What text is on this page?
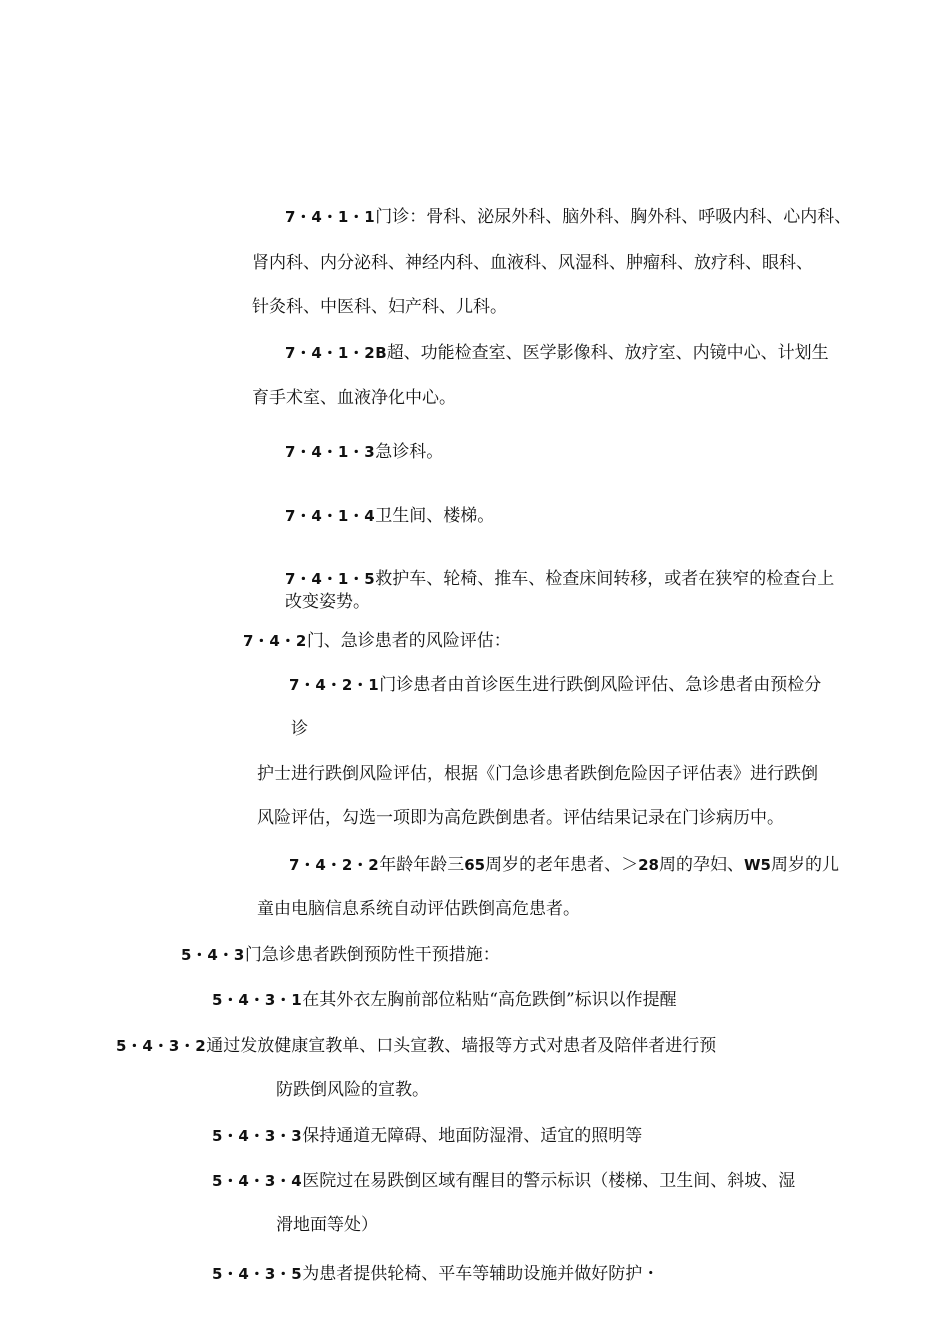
7・4・1・1门诊：骨科、泌尿外科、脑外科、胸外科、呼吸内科、心内科、
肾内科、内分泌科、神经内科、血液科、风湿科、肿瘤科、放疗科、眼科、
针灸科、中医科、妇产科、儿科。
7・4・1・2B超、功能检查室、医学影像科、放疗室、内镜中心、计划生
育手术室、血液净化中心。
7・4・1・3急诊科。
7・4・1・4卫生间、楼梯。
7・4・1・5救护车、轮椅、推车、检查床间转移，或者在狭窄的检查台上
改变姿势。
7・4・2门、急诊患者的风险评估：
7・4・2・1门诊患者由首诊医生进行跌倒风险评估、急诊患者由预检分
诊
护士进行跌倒风险评估，根据《门急诊患者跌倒危险因子评估表》进行跌倒
风险评估，勾选一项即为高危跌倒患者。评估结果记录在门诊病历中。
7・4・2・2年龄年龄三65周岁的老年患者、＞28周的孕妇、W5周岁的儿
童由电脑信息系统自动评估跌倒高危患者。
5・4・3门急诊患者跌倒预防性干预措施：
5・4・3・1在其外衣左胸前部位粘贴“高危跌倒”标识以作提醒
5・4・3・2通过发放健康宣教单、口头宣教、墙报等方式对患者及陪伴者进行预
防跌倒风险的宣教。
5・4・3・3保持通道无障碍、地面防湿滑、适宜的照明等
5・4・3・4医院过在易跌倒区域有醒目的警示标识（楼梯、卫生间、斜坡、湿
滑地面等处）
5・4・3・5为患者提供轮椅、平车等辅助设施并做好防护・
